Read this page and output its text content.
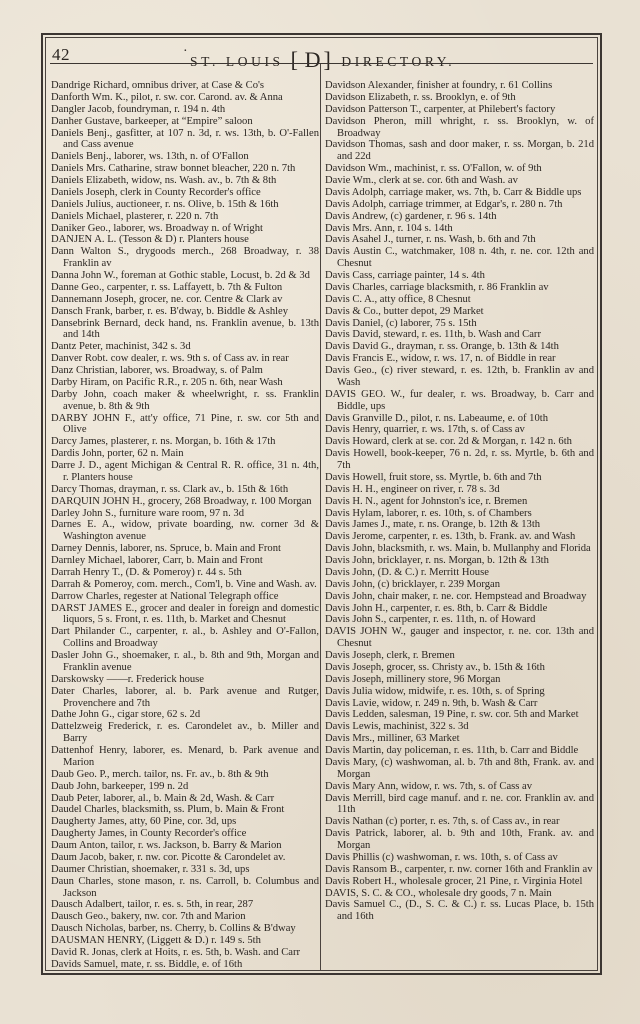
42	·
ST. LOUIS [ D ] DIRECTORY.

Dandrige Richard, omnibus driver, at Case & Co's

Danforth Wm. K., pilot, r. sw. cor. Carond. av. & Anna

Dangler Jacob, foundryman, r. 194 n. 4th

Danher Gustave, barkeeper, at “Empire” saloon

Daniels Benj., gasfitter, at 107 n. 3d, r. ws. 13th, b. O'-Fallen and Cass avenue

Daniels Benj., laborer, ws. 13th, n. of O'Fallon

Daniels Mrs. Catharine, straw bonnet bleacher, 220 n. 7th

Daniels Elizabeth, widow, ns. Wash. av., b. 7th & 8th

Daniels Joseph, clerk in County Recorder's office

Daniels Julius, auctioneer, r. ns. Olive, b. 15th & 16th

Daniels Michael, plasterer, r. 220 n. 7th

Daniker Geo., laborer, ws. Broadway n. of Wright

DANJEN A. L. (Tesson & D) r. Planters house

Dann Walton S., drygoods merch., 268 Broadway, r. 38 Franklin av

Danna John W., foreman at Gothic stable, Locust, b. 2d & 3d

Danne Geo., carpenter, r. ss. Laffayett, b. 7th & Fulton

Dannemann Joseph, grocer, ne. cor. Centre & Clark av

Dansch Frank, barber, r. es. B'dway, b. Biddle & Ashley

Dansebrink Bernard, deck hand, ns. Franklin avenue, b. 13th and 14th

Dantz Peter, machinist, 342 s. 3d

Danver Robt. cow dealer, r. ws. 9th s. of Cass av. in rear

Danz Christian, laborer, ws. Broadway, s. of Palm

Darby Hiram, on Pacific R.R., r. 205 n. 6th, near Wash

Darby John, coach maker & wheelwright, r. ss. Franklin avenue, b. 8th & 9th

DARBY JOHN F., att'y office, 71 Pine, r. sw. cor 5th and Olive

Darcy James, plasterer, r. ns. Morgan, b. 16th & 17th

Dardis John, porter, 62 n. Main

Darre J. D., agent Michigan & Central R. R. office, 31 n. 4th, r. Planters house

Darcy Thomas, drayman, r. ss. Clark av., b. 15th & 16th

DARQUIN JOHN H., grocery, 268 Broadway, r. 100 Morgan

Darley John S., furniture ware room, 97 n. 3d

Darnes E. A., widow, private boarding, nw. corner 3d & Washington avenue

Darney Dennis, laborer, ns. Spruce, b. Main and Front

Darnley Michael, laborer, Carr, b. Main and Front

Darrah Henry T., (D. & Pomeroy) r. 44 s. 5th

Darrah & Pomeroy, com. merch., Com'l, b. Vine and Wash. av.

Darrow Charles, regester at National Telegraph office

DARST JAMES E., grocer and dealer in foreign and domestic liquors, 5 s. Front, r. es. 11th, b. Market and Chesnut

Dart Philander C., carpenter, r. al., b. Ashley and O'-Fallon, Collins and Broadway

Dasler John G., shoemaker, r. al., b. 8th and 9th, Morgan and Franklin avenue

Darskowsky ——r. Frederick house

Dater Charles, laborer, al. b. Park avenue and Rutger, Provenchere and 7th

Dathe John G., cigar store, 62 s. 2d

Dattelzweig Frederick, r. es. Carondelet av., b. Miller and Barry

Dattenhof Henry, laborer, es. Menard, b. Park avenue and Marion

Daub Geo. P., merch. tailor, ns. Fr. av., b. 8th & 9th

Daub John, barkeeper, 199 n. 2d

Daub Peter, laborer, al., b. Main & 2d, Wash. & Carr

Daudel Charles, blacksmith, ss. Plum, b. Main & Front

Daugherty James, atty, 60 Pine, cor. 3d, ups

Daugherty James, in County Recorder's office

Daum Anton, tailor, r. ws. Jackson, b. Barry & Marion

Daum Jacob, baker, r. nw. cor. Picotte & Carondelet av.

Daumer Christian, shoemaker, r. 331 s. 3d, ups

Daun Charles, stone mason, r. ns. Carroll, b. Columbus and Jackson

Dausch Adalbert, tailor, r. es. s. 5th, in rear, 287

Dausch Geo., bakery, nw. cor. 7th and Marion

Dausch Nicholas, barber, ns. Cherry, b. Collins & B'dway

DAUSMAN HENRY, (Liggett & D.) r. 149 s. 5th

David R. Jonas, clerk at Hoits, r. es. 5th, b. Wash. and Carr

Davids Samuel, mate, r. ss. Biddle, e. of 16th

Davidson Alexander, finisher at foundry, r. 61 Collins

Davidson Elizabeth, r. ss. Brooklyn, e. of 9th

Davidson Patterson T., carpenter, at Philebert's factory

Davidson Pheron, mill whright, r. ss. Brooklyn, w. of Broadway

Davidson Thomas, sash and door maker, r. ss. Morgan, b. 21d and 22d

Davidson Wm., machinist, r. ss. O'Fallon, w. of 9th

Davie Wm., clerk at se. cor. 6th and Wash. av

Davis Adolph, carriage maker, ws. 7th, b. Carr & Biddle ups

Davis Adolph, carriage trimmer, at Edgar's, r. 280 n. 7th

Davis Andrew, (c) gardener, r. 96 s. 14th

Davis Mrs. Ann, r. 104 s. 14th

Davis Asahel J., turner, r. ns. Wash, b. 6th and 7th

Davis Austin C., watchmaker, 108 n. 4th, r. ne. cor. 12th and Chesnut

Davis Cass, carriage painter, 14 s. 4th

Davis Charles, carriage blacksmith, r. 86 Franklin av

Davis C. A., atty office, 8 Chesnut

Davis & Co., butter depot, 29 Market

Davis Daniel, (c) laborer, 75 s. 15th

Davis David, steward, r. es. 11th, b. Wash and Carr

Davis David G., drayman, r. ss. Orange, b. 13th & 14th

Davis Francis E., widow, r. ws. 17, n. of Biddle in rear

Davis Geo., (c) river steward, r. es. 12th, b. Franklin av and Wash

DAVIS GEO. W., fur dealer, r. ws. Broadway, b. Carr and Biddle, ups

Davis Granville D., pilot, r. ns. Labeaume, e. of 10th

Davis Henry, quarrier, r. ws. 17th, s. of Cass av

Davis Howard, clerk at se. cor. 2d & Morgan, r. 142 n. 6th

Davis Howell, book-keeper, 76 n. 2d, r. ss. Myrtle, b. 6th and 7th

Davis Howell, fruit store, ss. Myrtle, b. 6th and 7th

Davis H. H., engineer on river, r. 78 s. 3d

Davis H. N., agent for Johnston's ice, r. Bremen

Davis Hylam, laborer, r. es. 10th, s. of Chambers

Davis James J., mate, r. ns. Orange, b. 12th & 13th

Davis Jerome, carpenter, r. es. 13th, b. Frank. av. and Wash

Davis John, blacksmith, r. ws. Main, b. Mullanphy and Florida

Davis John, bricklayer, r. ns. Morgan, b. 12th & 13th

Davis John, (D. & C.) r. Merritt House

Davis John, (c) bricklayer, r. 239 Morgan

Davis John, chair maker, r. ne. cor. Hempstead and Broadway

Davis John H., carpenter, r. es. 8th, b. Carr & Biddle

Davis John S., carpenter, r. es. 11th, n. of Howard

DAVIS JOHN W., gauger and inspector, r. ne. cor. 13th and Chesnut

Davis Joseph, clerk, r. Bremen

Davis Joseph, grocer, ss. Christy av., b. 15th & 16th

Davis Joseph, millinery store, 96 Morgan

Davis Julia widow, midwife, r. es. 10th, s. of Spring

Davis Lavie, widow, r. 249 n. 9th, b. Wash & Carr

Davis Ledden, salesman, 19 Pine, r. sw. cor. 5th and Market

Davis Lewis, machinist, 322 s. 3d

Davis Mrs., milliner, 63 Market

Davis Martin, day policeman, r. es. 11th, b. Carr and Biddle

Davis Mary, (c) washwoman, al. b. 7th and 8th, Frank. av. and Morgan

Davis Mary Ann, widow, r. ws. 7th, s. of Cass av

Davis Merrill, bird cage manuf. and r. ne. cor. Franklin av. and 11th

Davis Nathan (c) porter, r. es. 7th, s. of Cass av., in rear

Davis Patrick, laborer, al. b. 9th and 10th, Frank. av. and Morgan

Davis Phillis (c) washwoman, r. ws. 10th, s. of Cass av

Davis Ransom B., carpenter, r. nw. corner 16th and Franklin av

Davis Robert H., wholesale grocer, 21 Pine, r. Virginia Hotel

DAVIS, S. C. & CO., wholesale dry goods, 7 n. Main

Davis Samuel C., (D., S. C. & C.) r. ss. Lucas Place, b. 15th and 16th
